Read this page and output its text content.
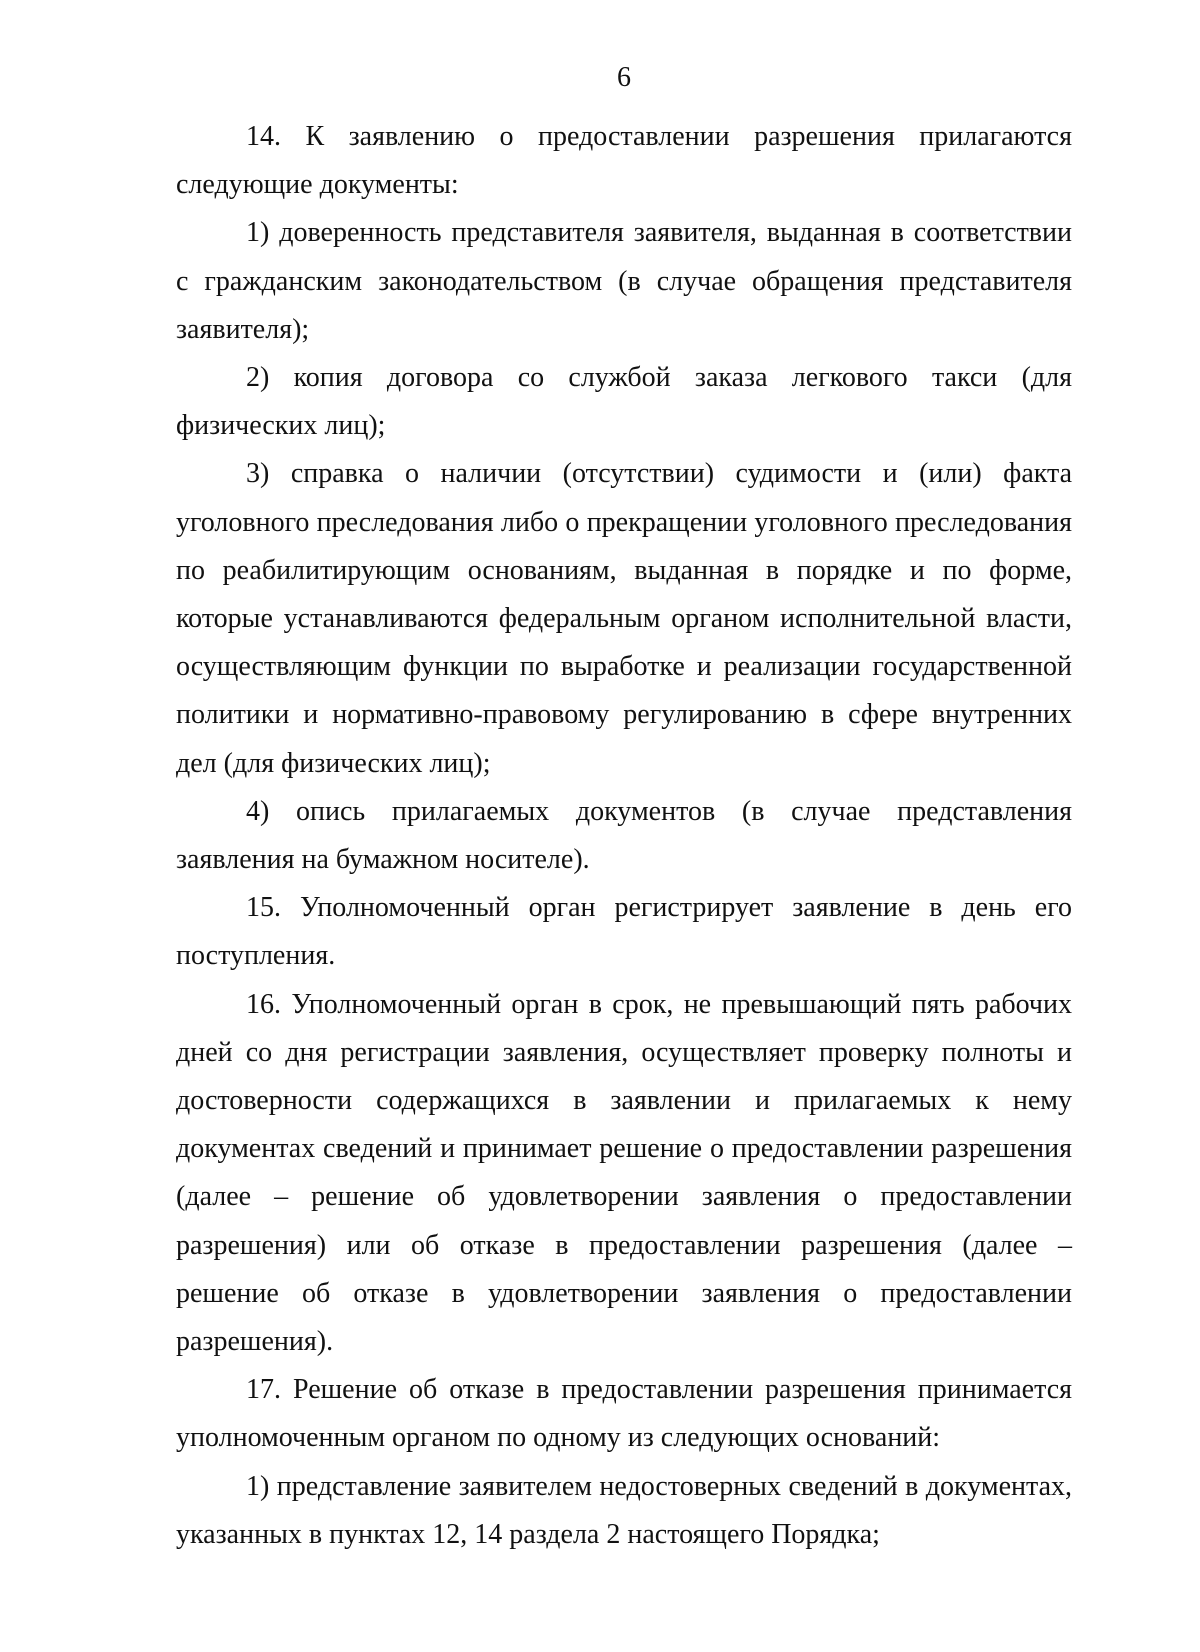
6

14. К заявлению о предоставлении разрешения прилагаются следующие документы:

1) доверенность представителя заявителя, выданная в соответствии с гражданским законодательством (в случае обращения представителя заявителя);

2) копия договора со службой заказа легкового такси (для физических лиц);

3) справка о наличии (отсутствии) судимости и (или) факта уголовного преследования либо о прекращении уголовного преследования по реабилитирующим основаниям, выданная в порядке и по форме, которые устанавливаются федеральным органом исполнительной власти, осуществляющим функции по выработке и реализации государственной политики и нормативно-правовому регулированию в сфере внутренних дел (для физических лиц);

4) опись прилагаемых документов (в случае представления заявления на бумажном носителе).

15. Уполномоченный орган регистрирует заявление в день его поступления.

16. Уполномоченный орган в срок, не превышающий пять рабочих дней со дня регистрации заявления, осуществляет проверку полноты и достоверности содержащихся в заявлении и прилагаемых к нему документах сведений и принимает решение о предоставлении разрешения (далее – решение об удовлетворении заявления о предоставлении разрешения) или об отказе в предоставлении разрешения (далее – решение об отказе в удовлетворении заявления о предоставлении разрешения).

17. Решение об отказе в предоставлении разрешения принимается уполномоченным органом по одному из следующих оснований:

1) представление заявителем недостоверных сведений в документах, указанных в пунктах 12, 14 раздела 2 настоящего Порядка;
